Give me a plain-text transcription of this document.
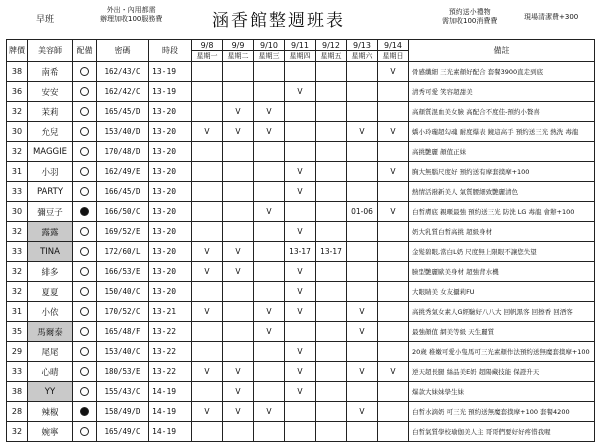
早班
外出・內用都需
辦理加收100服務費	涵香館整週班表	預約送小禮物
需加收100消費費	現場清潔費+300
牌價	美容師	配備	密碼	時段	9/8	9/9	9/10	9/11	9/12	9/13	9/14	備註
					星期一	星期二	星期三	星期四	星期五	星期六	星期日	
38	南希		162/43/C	13-19							V	骨感纖細 三光素顏好配合 套餐3900直走到底
36	安安		162/42/C	13-19				V				清秀可愛 笑容超甜美
32	茉莉		165/45/D	13-20		V	V					高顏質混血美女臉 高配合不度佳-預約小贅喜
30	允兒		153/40/D	13-20	V	V	V			V	V	嬌小玲瓏超勾魂 耐度爆表 鏡這高手 預約送三光 熱洗 毒龍
32	MAGGIE		170/48/D	13-20								高挑艷麗 顏值正妹
31	小羽		162/49/E	13-20				V			V	胸大無腦尺度好 預約送有摩套撲摩+100
33	PARTY		166/45/D	13-20				V				熱情活潑新美人 氣質腰細致艷麗清色
30	彌豆子		166/50/C	13-20			V			01-06	V	白皙膚底 親暱最強 預約送三光 防洗 LG 毒龍 會辦+100
32	露露		169/52/E	13-20				V				奶大乳質白皙高挑 超級身材
33	TINA		172/60/L	13-20	V	V		13-17	13-17			金髮碧眼,當白L奶 尺度無上限眼不讓您失望
32	緋多		166/53/E	13-20	V	V		V				臉型艷麗歐美身材 超強背水機
32	夏夏		150/40/C	13-20				V				大眼睛美 女友攝莉FU
31	小依		170/52/C	13-21	V		V	V		V		高挑秀氣女素人G經驗好八八大 回帆黑客 回擦香 回酒客
35	馬爾泰		165/48/F	13-22			V			V		最強顏值 網美等級 天生麗質
29	尾尾		153/40/C	13-22				V				20歲 稚嫩可愛小隻馬可三光素顏作法預約送無魔套撲摩+100
33	心晴		180/53/E	13-22	V	V		V		V	V	逆天超長腿 絲品美E奶 超陽藏技能 保證升天
38	YY		155/43/C	14-19		V		V				爆款大妹妹學生妹
28	辣椒		158/49/D	14-19	V	V	V			V		白皙水滴奶 可三光 預約送無魔套撲摩+100 套餐4200
32	婉寧		165/49/C	14-19								白皙氣質學校瑜伽美人主 哥哥們要好好疼惜我喔
